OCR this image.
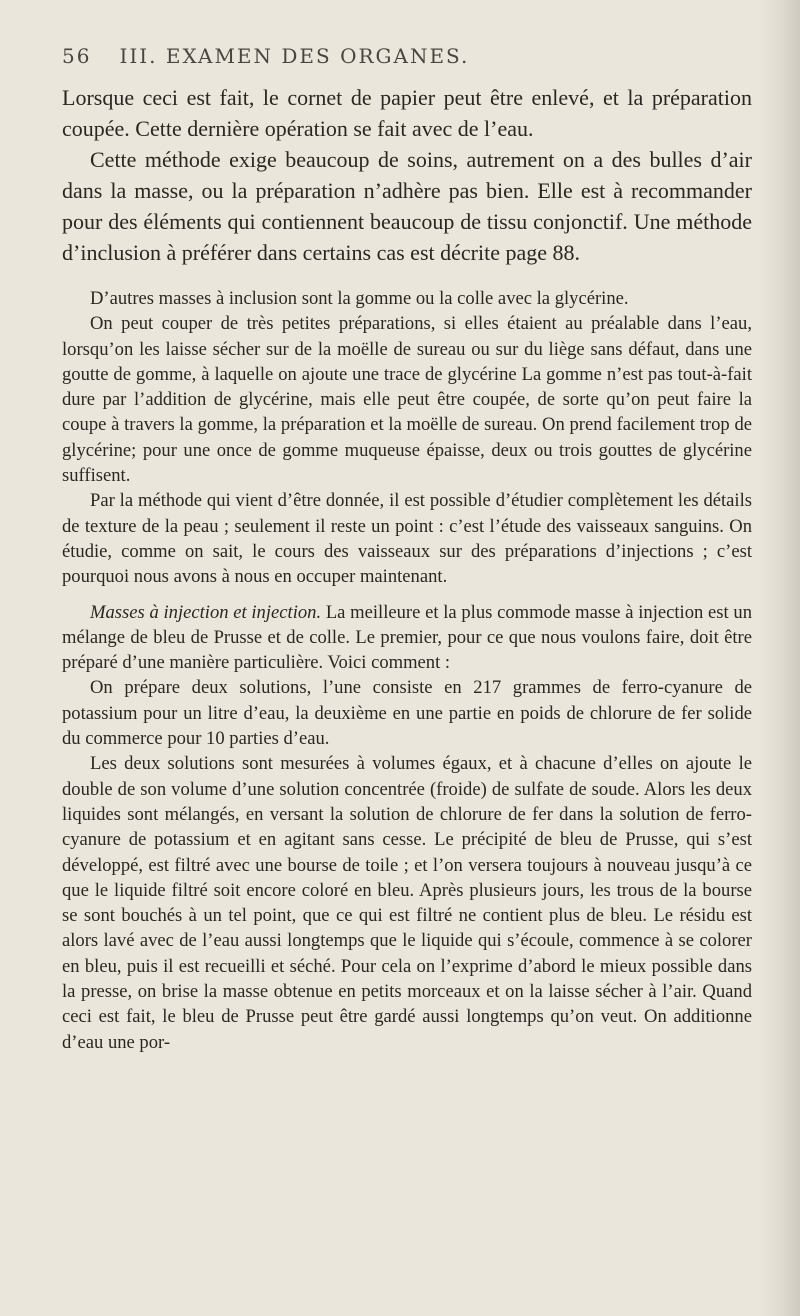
56 III. EXAMEN DES ORGANES.

Lorsque ceci est fait, le cornet de papier peut être enlevé, et la préparation coupée. Cette dernière opération se fait avec de l’eau.

Cette méthode exige beaucoup de soins, autrement on a des bulles d’air dans la masse, ou la préparation n’adhère pas bien. Elle est à recommander pour des éléments qui contiennent beaucoup de tissu conjonctif. Une méthode d’inclusion à préférer dans certains cas est décrite page 88.

D’autres masses à inclusion sont la gomme ou la colle avec la glycérine.

On peut couper de très petites préparations, si elles étaient au préalable dans l’eau, lorsqu’on les laisse sécher sur de la moëlle de sureau ou sur du liège sans défaut, dans une goutte de gomme, à laquelle on ajoute une trace de glycérine La gomme n’est pas tout-à-fait dure par l’addition de glycérine, mais elle peut être coupée, de sorte qu’on peut faire la coupe à travers la gomme, la préparation et la moëlle de sureau. On prend facilement trop de glycérine; pour une once de gomme muqueuse épaisse, deux ou trois gouttes de glycérine suffisent.

Par la méthode qui vient d’être donnée, il est possible d’étudier complètement les détails de texture de la peau ; seulement il reste un point : c’est l’étude des vaisseaux sanguins. On étudie, comme on sait, le cours des vaisseaux sur des préparations d’injections ; c’est pourquoi nous avons à nous en occuper maintenant.

Masses à injection et injection. La meilleure et la plus commode masse à injection est un mélange de bleu de Prusse et de colle. Le premier, pour ce que nous voulons faire, doit être préparé d’une manière particulière. Voici comment :

On prépare deux solutions, l’une consiste en 217 grammes de ferro-cyanure de potassium pour un litre d’eau, la deuxième en une partie en poids de chlorure de fer solide du commerce pour 10 parties d’eau.

Les deux solutions sont mesurées à volumes égaux, et à chacune d’elles on ajoute le double de son volume d’une solution concentrée (froide) de sulfate de soude. Alors les deux liquides sont mélangés, en versant la solution de chlorure de fer dans la solution de ferro-cyanure de potassium et en agitant sans cesse. Le précipité de bleu de Prusse, qui s’est développé, est filtré avec une bourse de toile ; et l’on versera toujours à nouveau jusqu’à ce que le liquide filtré soit encore coloré en bleu. Après plusieurs jours, les trous de la bourse se sont bouchés à un tel point, que ce qui est filtré ne contient plus de bleu. Le résidu est alors lavé avec de l’eau aussi longtemps que le liquide qui s’écoule, commence à se colorer en bleu, puis il est recueilli et séché. Pour cela on l’exprime d’abord le mieux possible dans la presse, on brise la masse obtenue en petits morceaux et on la laisse sécher à l’air. Quand ceci est fait, le bleu de Prusse peut être gardé aussi longtemps qu’on veut. On additionne d’eau une por-
